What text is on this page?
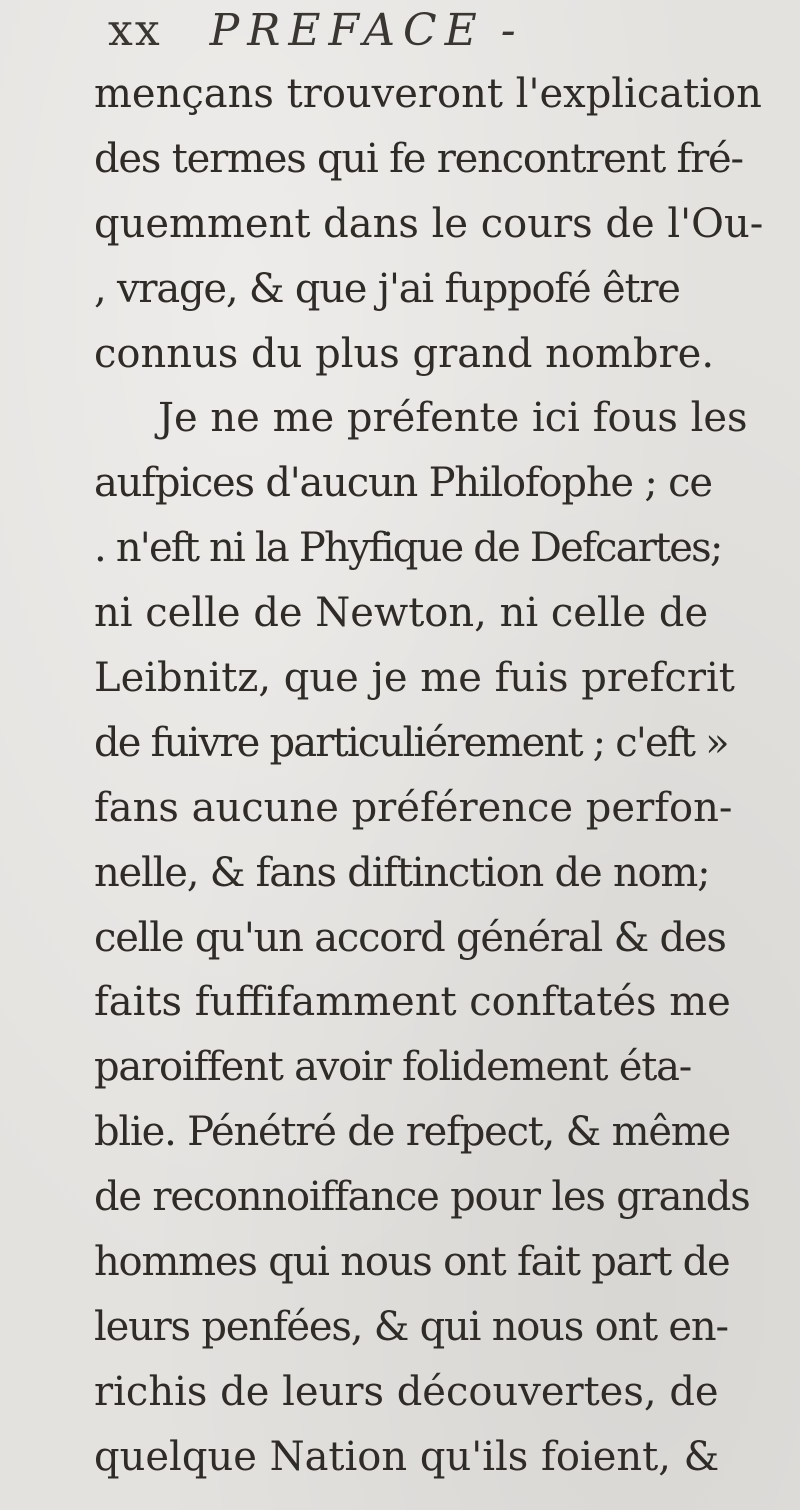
xx PREFACE -
mençans trouveront l'explication
des termes qui fe rencontrent fré-
quemment dans le cours de l'Ou-
, vrage, & que j'ai fuppofé être
connus du plus grand nombre.
Je ne me préfente ici fous les
aufpices d'aucun Philofophe ; ce
. n'eft ni la Phyfique de Defcartes;
ni celle de Newton, ni celle de
Leibnitz, que je me fuis prefcrit
de fuivre particuliérement ; c'eft »
fans aucune préférence perfon-
nelle, & fans diftinction de nom;
celle qu'un accord général & des
faits fuffifamment conftatés me
paroiffent avoir folidement éta-
blie. Pénétré de refpect, & même
de reconnoiffance pour les grands
hommes qui nous ont fait part de
leurs penfées, & qui nous ont en-
richis de leurs découvertes, de
quelque Nation qu'ils foient, &
